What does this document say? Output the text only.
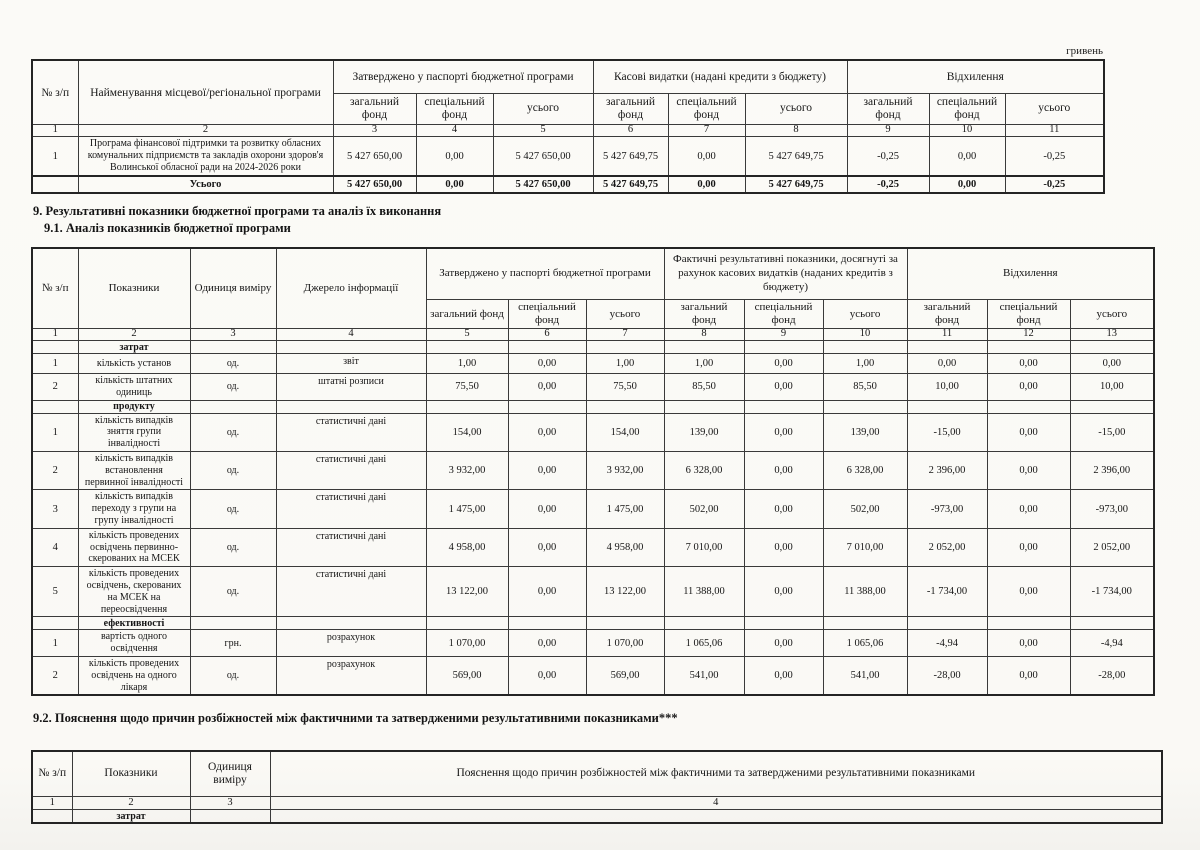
гривень
№ з/п	Найменування місцевої/регіональної програми	Затверджено у паспорті бюджетної програми			Касові видатки (надані кредити з бюджету)			Відхилення		
		загальний фонд	спеціальний фонд	усього	загальний фонд	спеціальний фонд	усього	загальний фонд	спеціальний фонд	усього
1	2	3	4	5	6	7	8	9	10	11
1	Програма фінансової підтримки та розвитку обласних комунальних підприємств та закладів охорони здоров'я Волинської обласної ради на 2024-2026 роки	5 427 650,00	0,00	5 427 650,00	5 427 649,75	0,00	5 427 649,75	-0,25	0,00	-0,25
	Усього	5 427 650,00	0,00	5 427 650,00	5 427 649,75	0,00	5 427 649,75	-0,25	0,00	-0,25
9. Результативні показники бюджетної програми та аналіз їх виконання
9.1. Аналіз показників бюджетної програми
№ з/п	Показники	Одиниця виміру	Джерело інформації	Затверджено у паспорті бюджетної програми			Фактичні результативні показники, досягнуті за рахунок касових видатків (наданих кредитів з бюджету)			Відхилення		
				загальний фонд	спеціальний фонд	усього	загальний фонд	спеціальний фонд	усього	загальний фонд	спеціальний фонд	усього
1	2	3	4	5	6	7	8	9	10	11	12	13
	затрат											
1	кількість установ	од.	звіт	1,00	0,00	1,00	1,00	0,00	1,00	0,00	0,00	0,00
2	кількість штатних одиниць	од.	штатні розписи	75,50	0,00	75,50	85,50	0,00	85,50	10,00	0,00	10,00
	продукту											
1	кількість випадків зняття групи інвалідності	од.	статистичні дані	154,00	0,00	154,00	139,00	0,00	139,00	-15,00	0,00	-15,00
2	кількість випадків встановлення первинної інвалідності	од.	статистичні дані	3 932,00	0,00	3 932,00	6 328,00	0,00	6 328,00	2 396,00	0,00	2 396,00
3	кількість випадків переходу з групи на групу інвалідності	од.	статистичні дані	1 475,00	0,00	1 475,00	502,00	0,00	502,00	-973,00	0,00	-973,00
4	кількість проведених освідчень первинно-скерованих на МСЕК	од.	статистичні дані	4 958,00	0,00	4 958,00	7 010,00	0,00	7 010,00	2 052,00	0,00	2 052,00
5	кількість проведених освідчень, скерованих на МСЕК на переосвідчення	од.	статистичні дані	13 122,00	0,00	13 122,00	11 388,00	0,00	11 388,00	-1 734,00	0,00	-1 734,00
	ефективності											
1	вартість одного освідчення	грн.	розрахунок	1 070,00	0,00	1 070,00	1 065,06	0,00	1 065,06	-4,94	0,00	-4,94
2	кількість проведених освідчень на одного лікаря	од.	розрахунок	569,00	0,00	569,00	541,00	0,00	541,00	-28,00	0,00	-28,00
9.2. Пояснення щодо причин розбіжностей між фактичними та затвердженими результативними показниками***
№ з/п	Показники	Одиниця виміру	Пояснення щодо причин розбіжностей між фактичними та затвердженими результативними показниками
1	2	3	4
	затрат		
